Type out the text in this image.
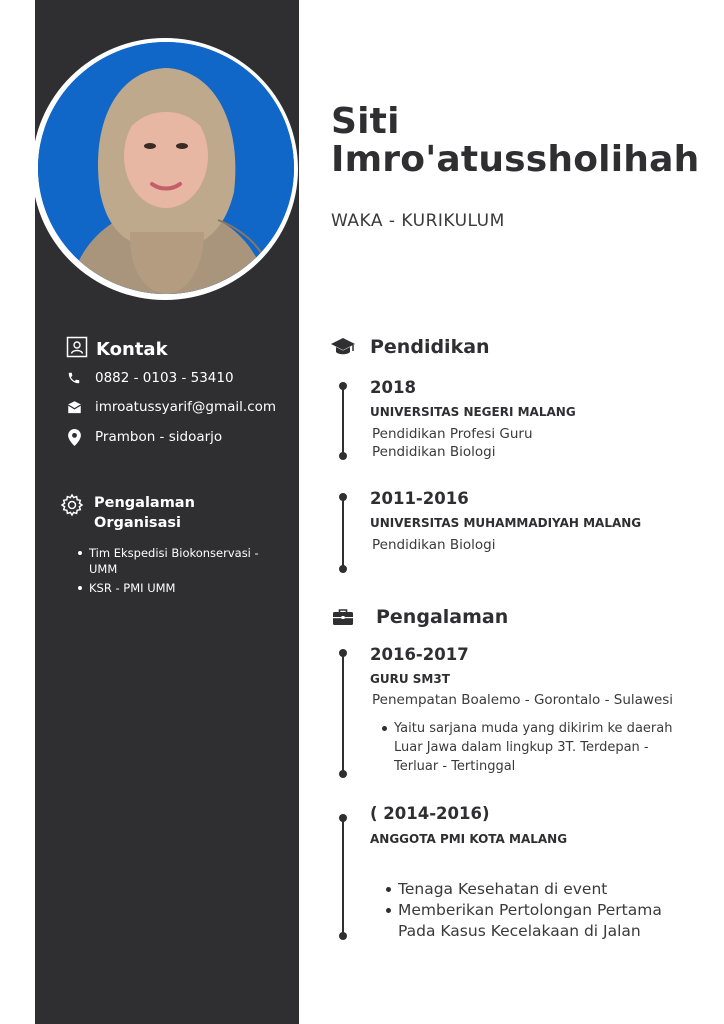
Siti Imro'atussholihah
WAKA - KURIKULUM
Kontak
0882 - 0103 - 53410
imroatussyarif@gmail.com
Prambon - sidoarjo
Pengalaman Organisasi
Tim Ekspedisi Biokonservasi - UMM
KSR - PMI UMM
Pendidikan
2018
UNIVERSITAS NEGERI MALANG
Pendidikan Profesi Guru
Pendidikan Biologi
2011-2016
UNIVERSITAS MUHAMMADIYAH MALANG
Pendidikan Biologi
Pengalaman
2016-2017
GURU SM3T
Penempatan Boalemo - Gorontalo - Sulawesi
Yaitu sarjana muda yang dikirim ke daerah Luar Jawa dalam lingkup 3T. Terdepan - Terluar - Tertinggal
( 2014-2016)
ANGGOTA PMI KOTA MALANG
Tenaga Kesehatan di event
Memberikan Pertolongan Pertama Pada Kasus Kecelakaan di Jalan
